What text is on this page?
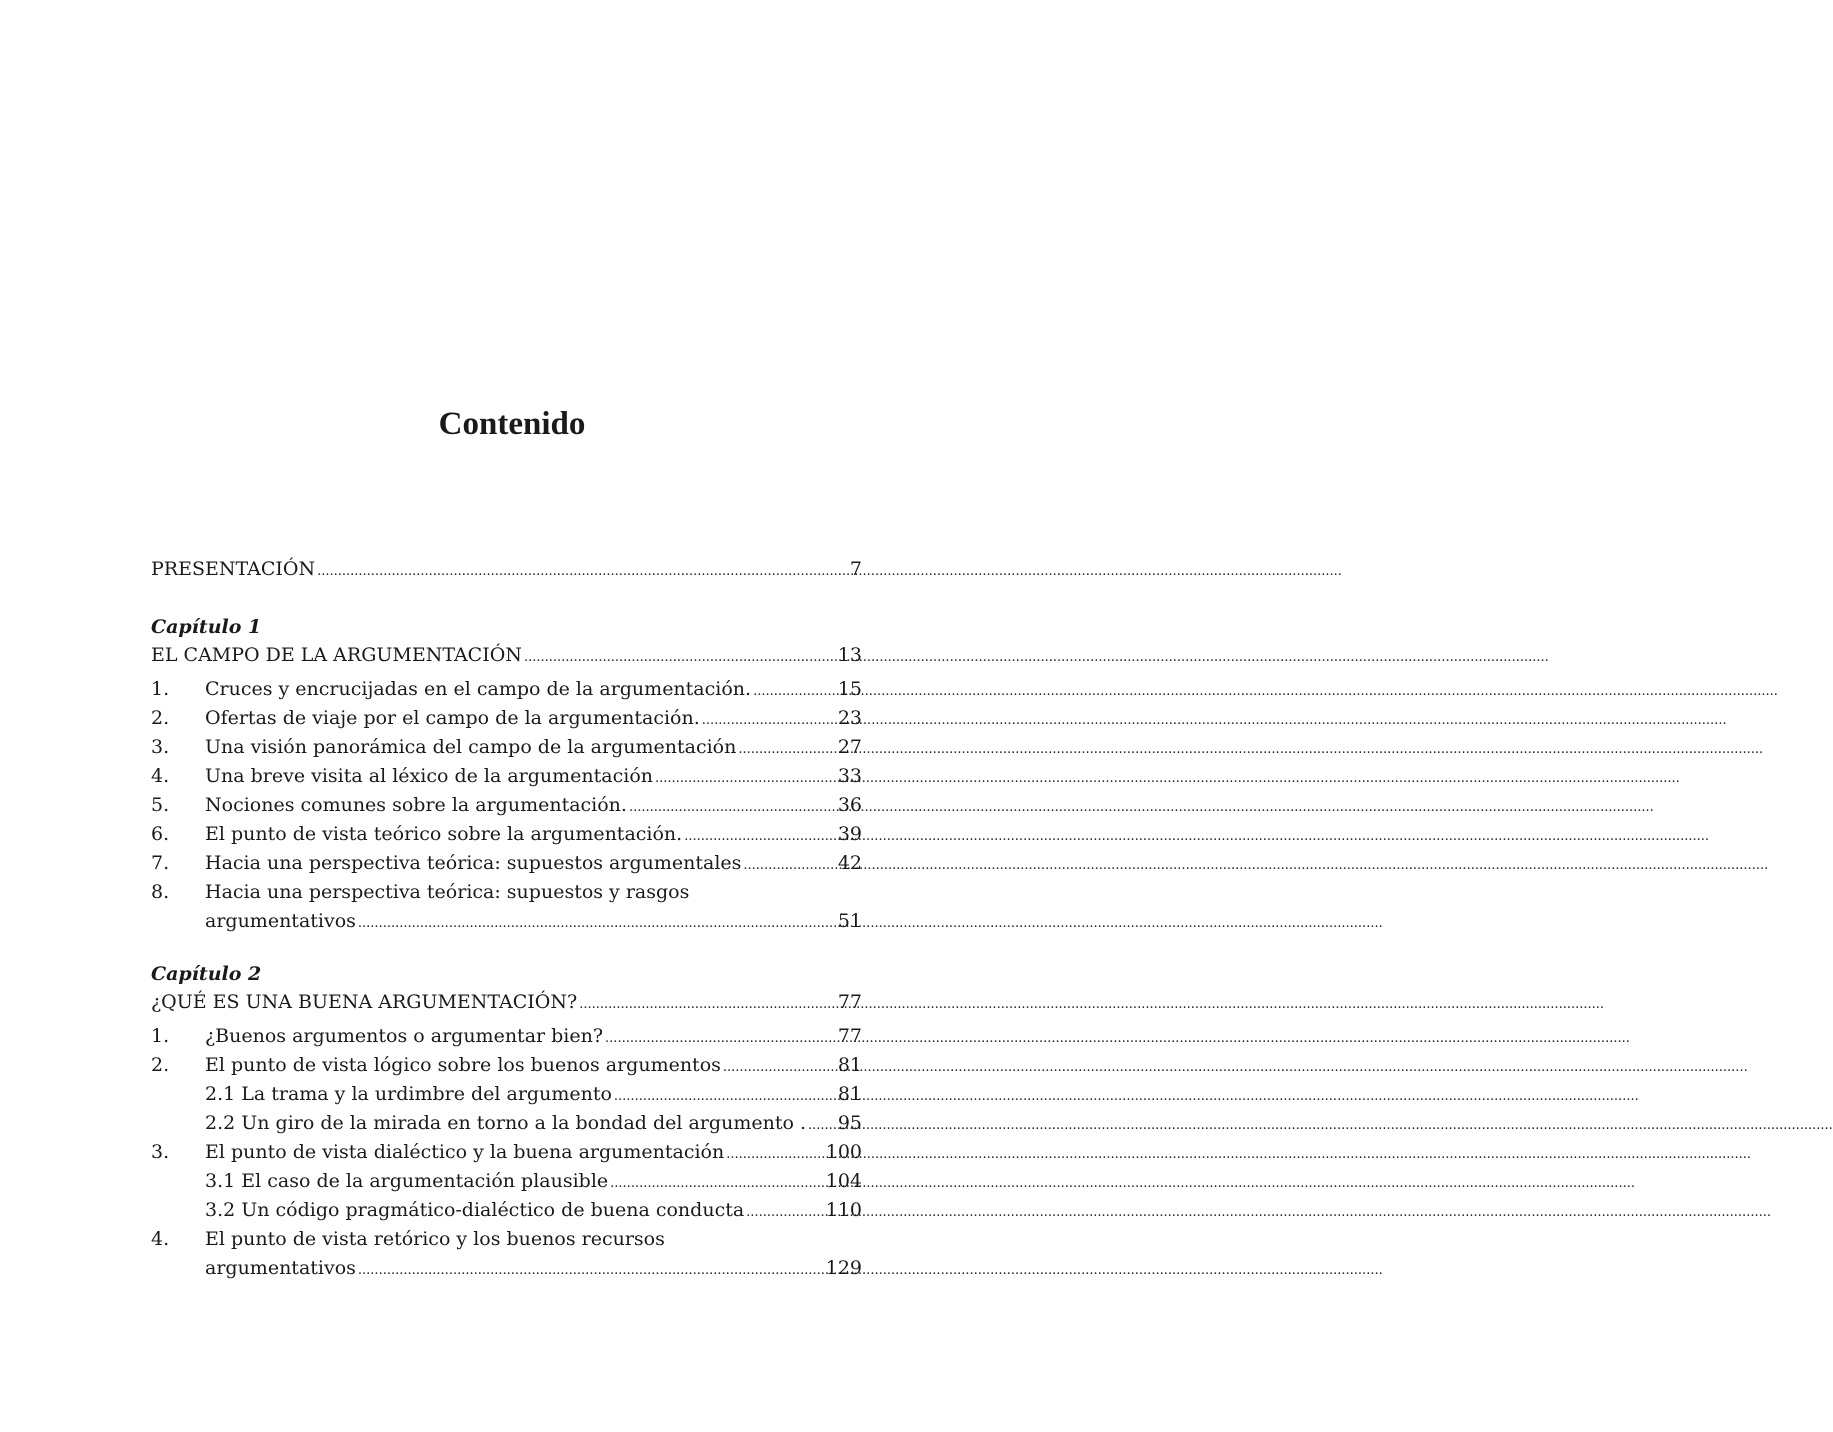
Contenido
PRESENTACIÓN .....	7
Capítulo 1
EL CAMPO DE LA ARGUMENTACIÓN .....	13
1.	Cruces y encrucijadas en el campo de la argumentación. .....	15
2.	Ofertas de viaje por el campo de la argumentación. .....	23
3.	Una visión panorámica del campo de la argumentación .....	27
4.	Una breve visita al léxico de la argumentación .....	33
5.	Nociones comunes sobre la argumentación. .....	36
6.	El punto de vista teórico sobre la argumentación. .....	39
7.	Hacia una perspectiva teórica: supuestos argumentales .....	42
8.	Hacia una perspectiva teórica: supuestos y rasgos
argumentativos .....	51
Capítulo 2
¿QUÉ ES UNA BUENA ARGUMENTACIÓN? .....	77
1.	¿Buenos argumentos o argumentar bien? .....	77
2.	El punto de vista lógico sobre los buenos argumentos .....	81
2.1 La trama y la urdimbre del argumento .....	81
2.2 Un giro de la mirada en torno a la bondad del argumento . ..... 95
3.	El punto de vista dialéctico y la buena argumentación .....	100
3.1 El caso de la argumentación plausible .....	104
3.2 Un código pragmático-dialéctico de buena conducta .....	110
4.	El punto de vista retórico y los buenos recursos
argumentativos .....	129
